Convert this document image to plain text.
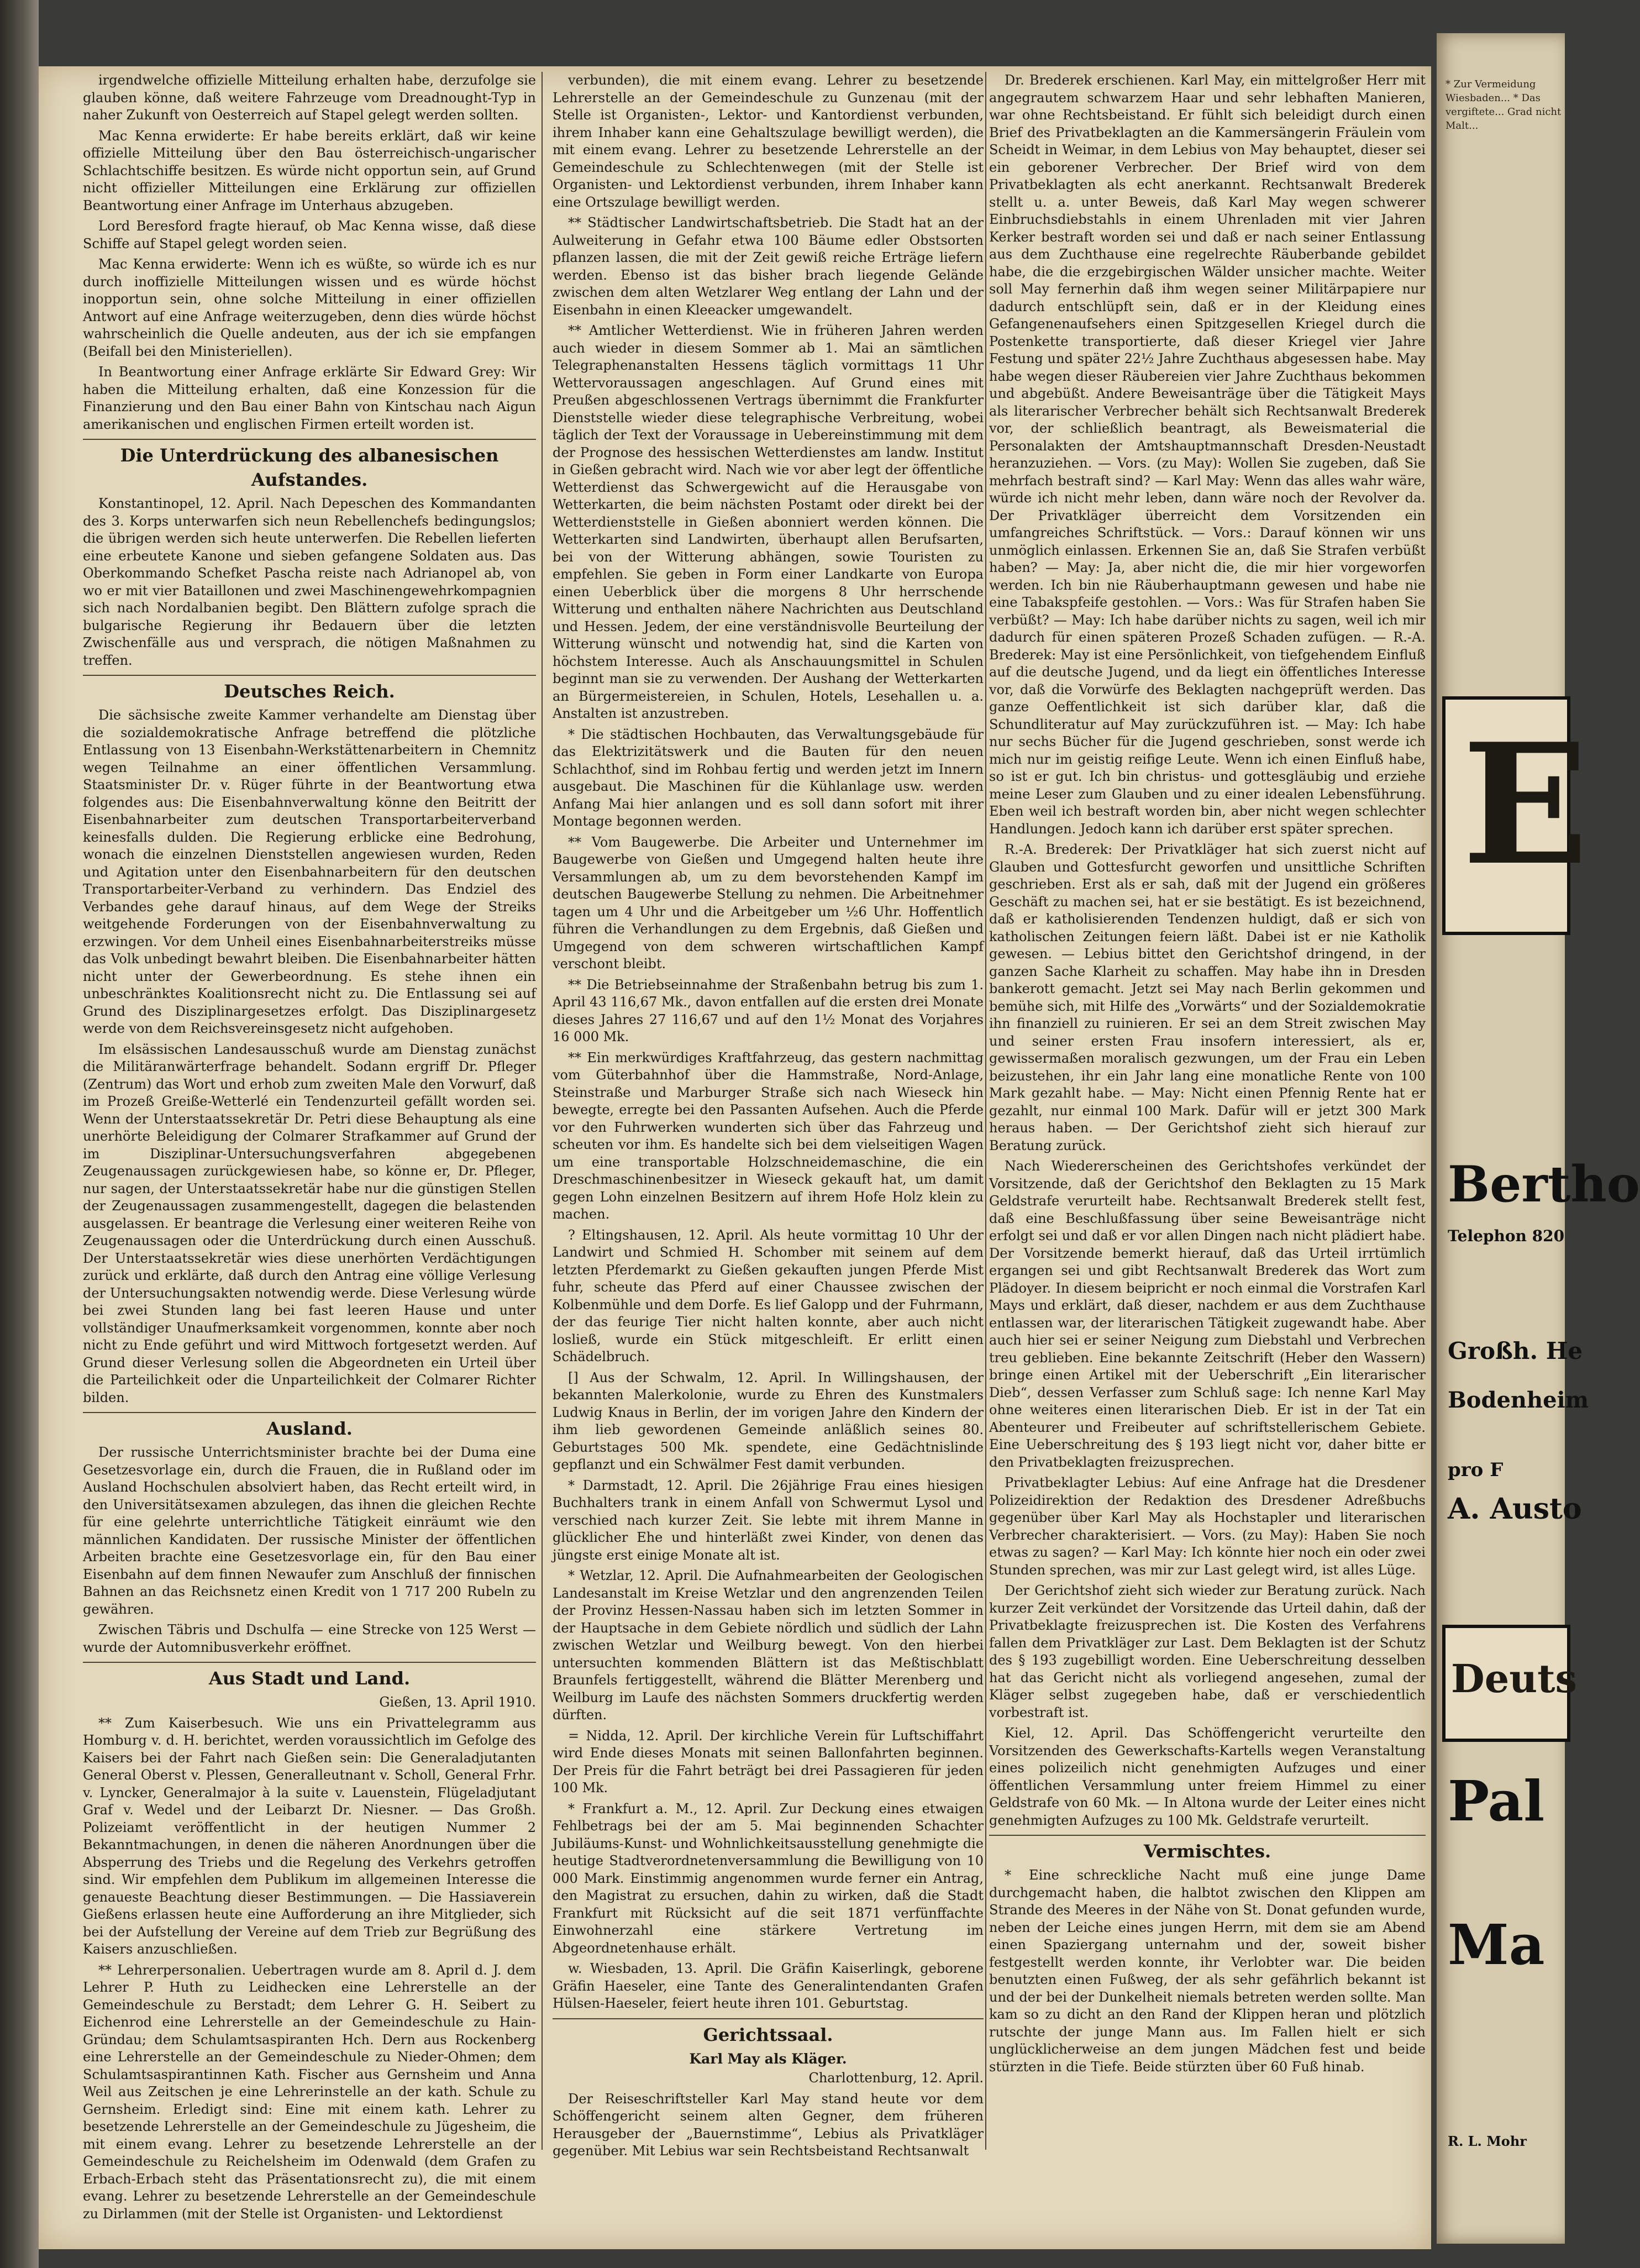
irgendwelche offizielle Mitteilung erhalten habe, derzufolge sie glauben könne, daß weitere Fahrzeuge vom Dreadnought-Typ in naher Zukunft von Oesterreich auf Stapel gelegt werden sollten.

Mac Kenna erwiderte: Er habe bereits erklärt, daß wir keine offizielle Mitteilung über den Bau österreichisch-ungarischer Schlachtschiffe besitzen. Es würde nicht opportun sein, auf Grund nicht offizieller Mitteilungen eine Erklärung zur offiziellen Beantwortung einer Anfrage im Unterhaus abzugeben.

Lord Beresford fragte hierauf, ob Mac Kenna wisse, daß diese Schiffe auf Stapel gelegt worden seien.

Mac Kenna erwiderte: Wenn ich es wüßte, so würde ich es nur durch inoffizielle Mitteilungen wissen und es würde höchst inopportun sein, ohne solche Mitteilung in einer offiziellen Antwort auf eine Anfrage weiterzugeben, denn dies würde höchst wahrscheinlich die Quelle andeuten, aus der ich sie empfangen (Beifall bei den Ministeriellen).

In Beantwortung einer Anfrage erklärte Sir Edward Grey: Wir haben die Mitteilung erhalten, daß eine Konzession für die Finanzierung und den Bau einer Bahn von Kintschau nach Aigun amerikanischen und englischen Firmen erteilt worden ist.

Die Unterdrückung des albanesischen Aufstandes.

Konstantinopel, 12. April. Nach Depeschen des Kommandanten des 3. Korps unterwarfen sich neun Rebellenchefs bedingungslos; die übrigen werden sich heute unterwerfen. Die Rebellen lieferten eine erbeutete Kanone und sieben gefangene Soldaten aus. Das Oberkommando Schefket Pascha reiste nach Adrianopel ab, von wo er mit vier Bataillonen und zwei Maschinengewehrkompagnien sich nach Nordalbanien begibt. Den Blättern zufolge sprach die bulgarische Regierung ihr Bedauern über die letzten Zwischenfälle aus und versprach, die nötigen Maßnahmen zu treffen.

Deutsches Reich.

Die sächsische zweite Kammer verhandelte am Dienstag über die sozialdemokratische Anfrage betreffend die plötzliche Entlassung von 13 Eisenbahn-Werkstättenarbeitern in Chemnitz wegen Teilnahme an einer öffentlichen Versammlung. Staatsminister Dr. v. Rüger führte in der Beantwortung etwa folgendes aus: Die Eisenbahnverwaltung könne den Beitritt der Eisenbahnarbeiter zum deutschen Transportarbeiterverband keinesfalls dulden. Die Regierung erblicke eine Bedrohung, wonach die einzelnen Dienststellen angewiesen wurden, Reden und Agitation unter den Eisenbahnarbeitern für den deutschen Transportarbeiter-Verband zu verhindern. Das Endziel des Verbandes gehe darauf hinaus, auf dem Wege der Streiks weitgehende Forderungen von der Eisenbahnverwaltung zu erzwingen. Vor dem Unheil eines Eisenbahnarbeiterstreiks müsse das Volk unbedingt bewahrt bleiben. Die Eisenbahnarbeiter hätten nicht unter der Gewerbeordnung. Es stehe ihnen ein unbeschränktes Koalitionsrecht nicht zu. Die Entlassung sei auf Grund des Disziplinargesetzes erfolgt. Das Disziplinargesetz werde von dem Reichsvereinsgesetz nicht aufgehoben.

Im elsässischen Landesausschuß wurde am Dienstag zunächst die Militäranwärterfrage behandelt. Sodann ergriff Dr. Pfleger (Zentrum) das Wort und erhob zum zweiten Male den Vorwurf, daß im Prozeß Greiße-Wetterlé ein Tendenzurteil gefällt worden sei. Wenn der Unterstaatssekretär Dr. Petri diese Behauptung als eine unerhörte Beleidigung der Colmarer Strafkammer auf Grund der im Disziplinar-Untersuchungsverfahren abgegebenen Zeugenaussagen zurückgewiesen habe, so könne er, Dr. Pfleger, nur sagen, der Unterstaatssekretär habe nur die günstigen Stellen der Zeugenaussagen zusammengestellt, dagegen die belastenden ausgelassen. Er beantrage die Verlesung einer weiteren Reihe von Zeugenaussagen oder die Unterdrückung durch einen Ausschuß. Der Unterstaatssekretär wies diese unerhörten Verdächtigungen zurück und erklärte, daß durch den Antrag eine völlige Verlesung der Untersuchungsakten notwendig werde. Diese Verlesung würde bei zwei Stunden lang bei fast leeren Hause und unter vollständiger Unaufmerksamkeit vorgenommen, konnte aber noch nicht zu Ende geführt und wird Mittwoch fortgesetzt werden. Auf Grund dieser Verlesung sollen die Abgeordneten ein Urteil über die Parteilichkeit oder die Unparteilichkeit der Colmarer Richter bilden.

Ausland.

Der russische Unterrichtsminister brachte bei der Duma eine Gesetzesvorlage ein, durch die Frauen, die in Rußland oder im Ausland Hochschulen absolviert haben, das Recht erteilt wird, in den Universitätsexamen abzulegen, das ihnen die gleichen Rechte für eine gelehrte unterrichtliche Tätigkeit einräumt wie den männlichen Kandidaten. Der russische Minister der öffentlichen Arbeiten brachte eine Gesetzesvorlage ein, für den Bau einer Eisenbahn auf dem finnen Newaufer zum Anschluß der finnischen Bahnen an das Reichsnetz einen Kredit von 1 717 200 Rubeln zu gewähren.

Zwischen Täbris und Dschulfa — eine Strecke von 125 Werst — wurde der Automnibusverkehr eröffnet.

Aus Stadt und Land.
Gießen, 13. April 1910.

** Zum Kaiserbesuch. Wie uns ein Privattelegramm aus Homburg v. d. H. berichtet, werden voraussichtlich im Gefolge des Kaisers bei der Fahrt nach Gießen sein: Die Generaladjutanten General Oberst v. Plessen, Generalleutnant v. Scholl, General Frhr. v. Lyncker, Generalmajor à la suite v. Lauenstein, Flügeladjutant Graf v. Wedel und der Leibarzt Dr. Niesner. — Das Großh. Polizeiamt veröffentlicht in der heutigen Nummer 2 Bekanntmachungen, in denen die näheren Anordnungen über die Absperrung des Triebs und die Regelung des Verkehrs getroffen sind. Wir empfehlen dem Publikum im allgemeinen Interesse die genaueste Beachtung dieser Bestimmungen. — Die Hassiaverein Gießens erlassen heute eine Aufforderung an ihre Mitglieder, sich bei der Aufstellung der Vereine auf dem Trieb zur Begrüßung des Kaisers anzuschließen.

** Lehrerpersonalien. Uebertragen wurde am 8. April d. J. dem Lehrer P. Huth zu Leidhecken eine Lehrerstelle an der Gemeindeschule zu Berstadt; dem Lehrer G. H. Seibert zu Eichenrod eine Lehrerstelle an der Gemeindeschule zu Hain-Gründau; dem Schulamtsaspiranten Hch. Dern aus Rockenberg eine Lehrerstelle an der Gemeindeschule zu Nieder-Ohmen; dem Schulamtsaspirantinnen Kath. Fischer aus Gernsheim und Anna Weil aus Zeitschen je eine Lehrerinstelle an der kath. Schule zu Gernsheim. Erledigt sind: Eine mit einem kath. Lehrer zu besetzende Lehrerstelle an der Gemeindeschule zu Jügesheim, die mit einem evang. Lehrer zu besetzende Lehrerstelle an der Gemeindeschule zu Reichelsheim im Odenwald (dem Grafen zu Erbach-Erbach steht das Präsentationsrecht zu), die mit einem evang. Lehrer zu besetzende Lehrerstelle an der Gemeindeschule zu Dirlammen (mit der Stelle ist Organisten- und Lektordienst

verbunden), die mit einem evang. Lehrer zu besetzende Lehrerstelle an der Gemeindeschule zu Gunzenau (mit der Stelle ist Organisten-, Lektor- und Kantordienst verbunden, ihrem Inhaber kann eine Gehaltszulage bewilligt werden), die mit einem evang. Lehrer zu besetzende Lehrerstelle an der Gemeindeschule zu Schlechtenwegen (mit der Stelle ist Organisten- und Lektordienst verbunden, ihrem Inhaber kann eine Ortszulage bewilligt werden.

** Städtischer Landwirtschaftsbetrieb. Die Stadt hat an der Aulweiterung in Gefahr etwa 100 Bäume edler Obstsorten pflanzen lassen, die mit der Zeit gewiß reiche Erträge liefern werden. Ebenso ist das bisher brach liegende Gelände zwischen dem alten Wetzlarer Weg entlang der Lahn und der Eisenbahn in einen Kleeacker umgewandelt.

** Amtlicher Wetterdienst. Wie in früheren Jahren werden auch wieder in diesem Sommer ab 1. Mai an sämtlichen Telegraphenanstalten Hessens täglich vormittags 11 Uhr Wettervoraussagen angeschlagen. Auf Grund eines mit Preußen abgeschlossenen Vertrags übernimmt die Frankfurter Dienststelle wieder diese telegraphische Verbreitung, wobei täglich der Text der Voraussage in Uebereinstimmung mit dem der Prognose des hessischen Wetterdienstes am landw. Institut in Gießen gebracht wird. Nach wie vor aber legt der öffentliche Wetterdienst das Schwergewicht auf die Herausgabe von Wetterkarten, die beim nächsten Postamt oder direkt bei der Wetterdienststelle in Gießen abonniert werden können. Die Wetterkarten sind Landwirten, überhaupt allen Berufsarten, bei von der Witterung abhängen, sowie Touristen zu empfehlen. Sie geben in Form einer Landkarte von Europa einen Ueberblick über die morgens 8 Uhr herrschende Witterung und enthalten nähere Nachrichten aus Deutschland und Hessen. Jedem, der eine verständnisvolle Beurteilung der Witterung wünscht und notwendig hat, sind die Karten von höchstem Interesse. Auch als Anschauungsmittel in Schulen beginnt man sie zu verwenden. Der Aushang der Wetterkarten an Bürgermeistereien, in Schulen, Hotels, Lesehallen u. a. Anstalten ist anzustreben.

* Die städtischen Hochbauten, das Verwaltungsgebäude für das Elektrizitätswerk und die Bauten für den neuen Schlachthof, sind im Rohbau fertig und werden jetzt im Innern ausgebaut. Die Maschinen für die Kühlanlage usw. werden Anfang Mai hier anlangen und es soll dann sofort mit ihrer Montage begonnen werden.

** Vom Baugewerbe. Die Arbeiter und Unternehmer im Baugewerbe von Gießen und Umgegend halten heute ihre Versammlungen ab, um zu dem bevorstehenden Kampf im deutschen Baugewerbe Stellung zu nehmen. Die Arbeitnehmer tagen um 4 Uhr und die Arbeitgeber um ½6 Uhr. Hoffentlich führen die Verhandlungen zu dem Ergebnis, daß Gießen und Umgegend von dem schweren wirtschaftlichen Kampf verschont bleibt.

** Die Betriebseinnahme der Straßenbahn betrug bis zum 1. April 43 116,67 Mk., davon entfallen auf die ersten drei Monate dieses Jahres 27 116,67 und auf den 1½ Monat des Vorjahres 16 000 Mk.

** Ein merkwürdiges Kraftfahrzeug, das gestern nachmittag vom Güterbahnhof über die Hammstraße, Nord-Anlage, Steinstraße und Marburger Straße sich nach Wieseck hin bewegte, erregte bei den Passanten Aufsehen. Auch die Pferde vor den Fuhrwerken wunderten sich über das Fahrzeug und scheuten vor ihm. Es handelte sich bei dem vielseitigen Wagen um eine transportable Holzschneidemaschine, die ein Dreschmaschinenbesitzer in Wieseck gekauft hat, um damit gegen Lohn einzelnen Besitzern auf ihrem Hofe Holz klein zu machen.

? Eltingshausen, 12. April. Als heute vormittag 10 Uhr der Landwirt und Schmied H. Schomber mit seinem auf dem letzten Pferdemarkt zu Gießen gekauften jungen Pferde Mist fuhr, scheute das Pferd auf einer Chaussee zwischen der Kolbenmühle und dem Dorfe. Es lief Galopp und der Fuhrmann, der das feurige Tier nicht halten konnte, aber auch nicht losließ, wurde ein Stück mitgeschleift. Er erlitt einen Schädelbruch.

[] Aus der Schwalm, 12. April. In Willingshausen, der bekannten Malerkolonie, wurde zu Ehren des Kunstmalers Ludwig Knaus in Berlin, der im vorigen Jahre den Kindern der ihm lieb gewordenen Gemeinde anläßlich seines 80. Geburtstages 500 Mk. spendete, eine Gedächtnislinde gepflanzt und ein Schwälmer Fest damit verbunden.

* Darmstadt, 12. April. Die 26jährige Frau eines hiesigen Buchhalters trank in einem Anfall von Schwermut Lysol und verschied nach kurzer Zeit. Sie lebte mit ihrem Manne in glücklicher Ehe und hinterläßt zwei Kinder, von denen das jüngste erst einige Monate alt ist.

* Wetzlar, 12. April. Die Aufnahmearbeiten der Geologischen Landesanstalt im Kreise Wetzlar und den angrenzenden Teilen der Provinz Hessen-Nassau haben sich im letzten Sommer in der Hauptsache in dem Gebiete nördlich und südlich der Lahn zwischen Wetzlar und Weilburg bewegt. Von den hierbei untersuchten kommenden Blättern ist das Meßtischblatt Braunfels fertiggestellt, während die Blätter Merenberg und Weilburg im Laufe des nächsten Sommers druckfertig werden dürften.

= Nidda, 12. April. Der kirchliche Verein für Luftschiffahrt wird Ende dieses Monats mit seinen Ballonfahrten beginnen. Der Preis für die Fahrt beträgt bei drei Passagieren für jeden 100 Mk.

* Frankfurt a. M., 12. April. Zur Deckung eines etwaigen Fehlbetrags bei der am 5. Mai beginnenden Schachter Jubiläums-Kunst- und Wohnlichkeitsausstellung genehmigte die heutige Stadtverordnetenversammlung die Bewilligung von 10 000 Mark. Einstimmig angenommen wurde ferner ein Antrag, den Magistrat zu ersuchen, dahin zu wirken, daß die Stadt Frankfurt mit Rücksicht auf die seit 1871 verfünffachte Einwohnerzahl eine stärkere Vertretung im Abgeordnetenhause erhält.

w. Wiesbaden, 13. April. Die Gräfin Kaiserlingk, geborene Gräfin Haeseler, eine Tante des Generalintendanten Grafen Hülsen-Haeseler, feiert heute ihren 101. Geburtstag.

Gerichtssaal.
Karl May als Kläger.
Charlottenburg, 12. April.

Der Reiseschriftsteller Karl May stand heute vor dem Schöffengericht seinem alten Gegner, dem früheren Herausgeber der „Bauernstimme“, Lebius als Privatkläger gegenüber. Mit Lebius war sein Rechtsbeistand Rechtsanwalt

Dr. Brederek erschienen. Karl May, ein mittelgroßer Herr mit angegrautem schwarzem Haar und sehr lebhaften Manieren, war ohne Rechtsbeistand. Er fühlt sich beleidigt durch einen Brief des Privatbeklagten an die Kammersängerin Fräulein vom Scheidt in Weimar, in dem Lebius von May behauptet, dieser sei ein geborener Verbrecher. Der Brief wird von dem Privatbeklagten als echt anerkannt. Rechtsanwalt Brederek stellt u. a. unter Beweis, daß Karl May wegen schwerer Einbruchsdiebstahls in einem Uhrenladen mit vier Jahren Kerker bestraft worden sei und daß er nach seiner Entlassung aus dem Zuchthause eine regelrechte Räuberbande gebildet habe, die die erzgebirgischen Wälder unsicher machte. Weiter soll May fernerhin daß ihm wegen seiner Militärpapiere nur dadurch entschlüpft sein, daß er in der Kleidung eines Gefangenenaufsehers einen Spitzgesellen Kriegel durch die Postenkette transportierte, daß dieser Kriegel vier Jahre Festung und später 22½ Jahre Zuchthaus abgesessen habe. May habe wegen dieser Räubereien vier Jahre Zuchthaus bekommen und abgebüßt. Andere Beweisanträge über die Tätigkeit Mays als literarischer Verbrecher behält sich Rechtsanwalt Brederek vor, der schließlich beantragt, als Beweismaterial die Personalakten der Amtshauptmannschaft Dresden-Neustadt heranzuziehen. — Vors. (zu May): Wollen Sie zugeben, daß Sie mehrfach bestraft sind? — Karl May: Wenn das alles wahr wäre, würde ich nicht mehr leben, dann wäre noch der Revolver da. Der Privatkläger überreicht dem Vorsitzenden ein umfangreiches Schriftstück. — Vors.: Darauf können wir uns unmöglich einlassen. Erkennen Sie an, daß Sie Strafen verbüßt haben? — May: Ja, aber nicht die, die mir hier vorgeworfen werden. Ich bin nie Räuberhauptmann gewesen und habe nie eine Tabakspfeife gestohlen. — Vors.: Was für Strafen haben Sie verbüßt? — May: Ich habe darüber nichts zu sagen, weil ich mir dadurch für einen späteren Prozeß Schaden zufügen. — R.-A. Brederek: May ist eine Persönlichkeit, von tiefgehendem Einfluß auf die deutsche Jugend, und da liegt ein öffentliches Interesse vor, daß die Vorwürfe des Beklagten nachgeprüft werden. Das ganze Oeffentlichkeit ist sich darüber klar, daß die Schundliteratur auf May zurückzuführen ist. — May: Ich habe nur sechs Bücher für die Jugend geschrieben, sonst werde ich mich nur im geistig reifige Leute. Wenn ich einen Einfluß habe, so ist er gut. Ich bin christus- und gottesgläubig und erziehe meine Leser zum Glauben und zu einer idealen Lebensführung. Eben weil ich bestraft worden bin, aber nicht wegen schlechter Handlungen. Jedoch kann ich darüber erst später sprechen.

R.-A. Brederek: Der Privatkläger hat sich zuerst nicht auf Glauben und Gottesfurcht geworfen und unsittliche Schriften geschrieben. Erst als er sah, daß mit der Jugend ein größeres Geschäft zu machen sei, hat er sie bestätigt. Es ist bezeichnend, daß er katholisierenden Tendenzen huldigt, daß er sich von katholischen Zeitungen feiern läßt. Dabei ist er nie Katholik gewesen. — Lebius bittet den Gerichtshof dringend, in der ganzen Sache Klarheit zu schaffen. May habe ihn in Dresden bankerott gemacht. Jetzt sei May nach Berlin gekommen und bemühe sich, mit Hilfe des „Vorwärts“ und der Sozialdemokratie ihn finanziell zu ruinieren. Er sei an dem Streit zwischen May und seiner ersten Frau insofern interessiert, als er, gewissermaßen moralisch gezwungen, um der Frau ein Leben beizustehen, ihr ein Jahr lang eine monatliche Rente von 100 Mark gezahlt habe. — May: Nicht einen Pfennig Rente hat er gezahlt, nur einmal 100 Mark. Dafür will er jetzt 300 Mark heraus haben. — Der Gerichtshof zieht sich hierauf zur Beratung zurück.

Nach Wiedererscheinen des Gerichtshofes verkündet der Vorsitzende, daß der Gerichtshof den Beklagten zu 15 Mark Geldstrafe verurteilt habe. Rechtsanwalt Brederek stellt fest, daß eine Beschlußfassung über seine Beweisanträge nicht erfolgt sei und daß er vor allen Dingen nach nicht plädiert habe. Der Vorsitzende bemerkt hierauf, daß das Urteil irrtümlich ergangen sei und gibt Rechtsanwalt Brederek das Wort zum Plädoyer. In diesem beipricht er noch einmal die Vorstrafen Karl Mays und erklärt, daß dieser, nachdem er aus dem Zuchthause entlassen war, der literarischen Tätigkeit zugewandt habe. Aber auch hier sei er seiner Neigung zum Diebstahl und Verbrechen treu geblieben. Eine bekannte Zeitschrift (Heber den Wassern) bringe einen Artikel mit der Ueberschrift „Ein literarischer Dieb“, dessen Verfasser zum Schluß sage: Ich nenne Karl May ohne weiteres einen literarischen Dieb. Er ist in der Tat ein Abenteurer und Freibeuter auf schriftstellerischem Gebiete. Eine Ueberschreitung des § 193 liegt nicht vor, daher bitte er den Privatbeklagten freizusprechen.

Privatbeklagter Lebius: Auf eine Anfrage hat die Dresdener Polizeidirektion der Redaktion des Dresdener Adreßbuchs gegenüber über Karl May als Hochstapler und literarischen Verbrecher charakterisiert. — Vors. (zu May): Haben Sie noch etwas zu sagen? — Karl May: Ich könnte hier noch ein oder zwei Stunden sprechen, was mir zur Last gelegt wird, ist alles Lüge.

Der Gerichtshof zieht sich wieder zur Beratung zurück. Nach kurzer Zeit verkündet der Vorsitzende das Urteil dahin, daß der Privatbeklagte freizusprechen ist. Die Kosten des Verfahrens fallen dem Privatkläger zur Last. Dem Beklagten ist der Schutz des § 193 zugebilligt worden. Eine Ueberschreitung desselben hat das Gericht nicht als vorliegend angesehen, zumal der Kläger selbst zugegeben habe, daß er verschiedentlich vorbestraft ist.

Kiel, 12. April. Das Schöffengericht verurteilte den Vorsitzenden des Gewerkschafts-Kartells wegen Veranstaltung eines polizeilich nicht genehmigten Aufzuges und einer öffentlichen Versammlung unter freiem Himmel zu einer Geldstrafe von 60 Mk. — In Altona wurde der Leiter eines nicht genehmigten Aufzuges zu 100 Mk. Geldstrafe verurteilt.

Vermischtes.

* Eine schreckliche Nacht muß eine junge Dame durchgemacht haben, die halbtot zwischen den Klippen am Strande des Meeres in der Nähe von St. Donat gefunden wurde, neben der Leiche eines jungen Herrn, mit dem sie am Abend einen Spaziergang unternahm und der, soweit bisher festgestellt werden konnte, ihr Verlobter war. Die beiden benutzten einen Fußweg, der als sehr gefährlich bekannt ist und der bei der Dunkelheit niemals betreten werden sollte. Man kam so zu dicht an den Rand der Klippen heran und plötzlich rutschte der junge Mann aus. Im Fallen hielt er sich unglücklicherweise an dem jungen Mädchen fest und beide stürzten in die Tiefe. Beide stürzten über 60 Fuß hinab.

* Zur Vermeidung Wiesbaden... * Das vergiftete... Grad nicht Malt...
E
Bertho
Telephon 820
Großh. He
Bodenheim
pro F
A. Austo
Deuts
Pal
Ma
R. L. Mohr
